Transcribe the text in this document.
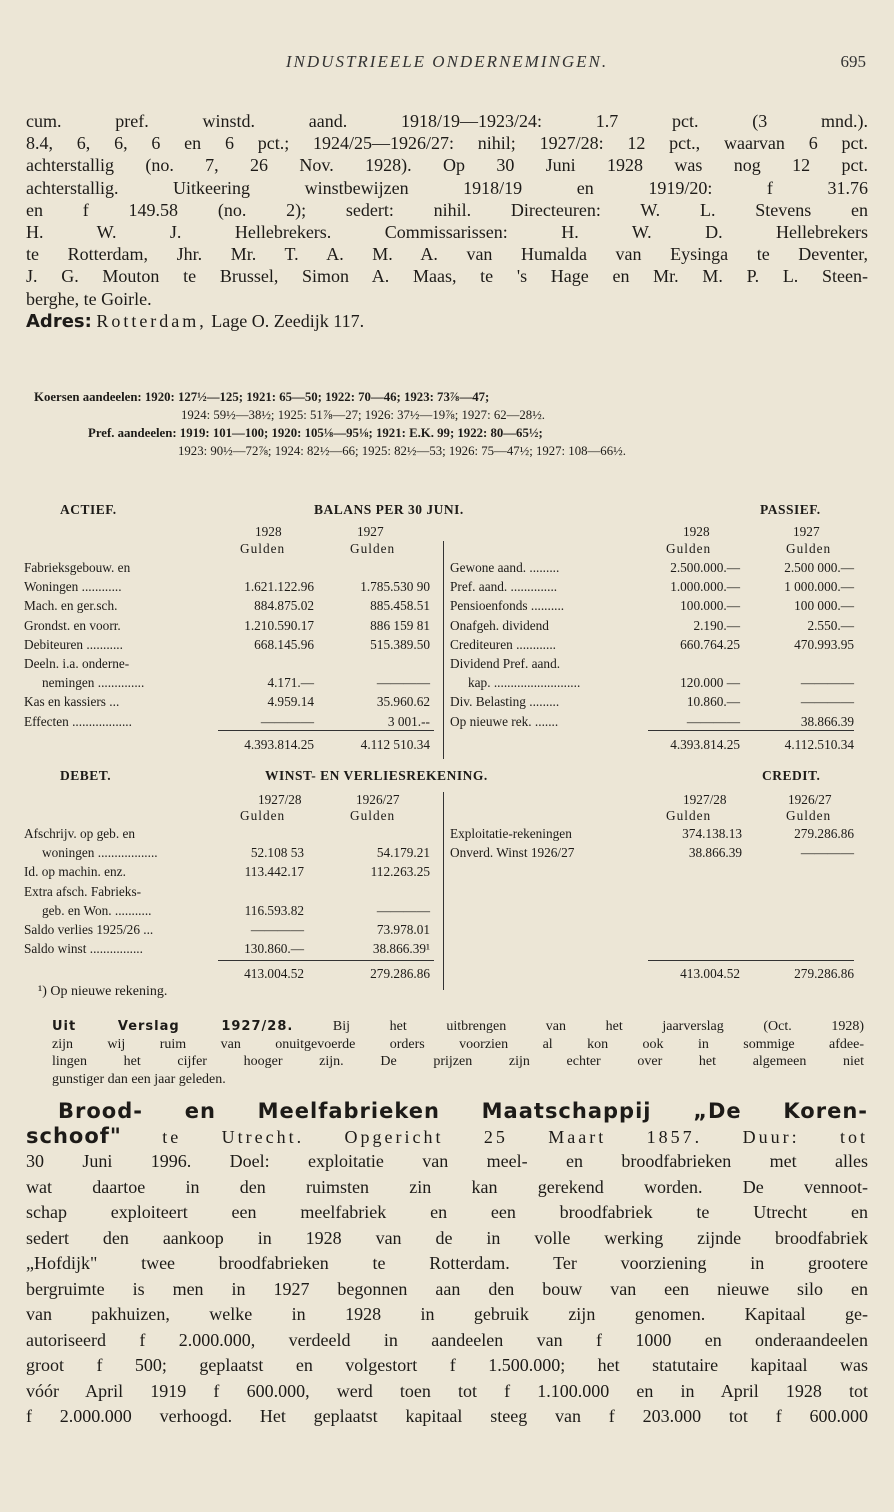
INDUSTRIEELE ONDERNEMINGEN.	695
cum. pref. winstd. aand. 1918/19—1923/24: 1.7 pct. (3 mnd.).
8.4, 6, 6, 6 en 6 pct.; 1924/25—1926/27: nihil; 1927/28: 12 pct., waarvan 6 pct.
achterstallig (no. 7, 26 Nov. 1928). Op 30 Juni 1928 was nog 12 pct.
achterstallig. Uitkeering winstbewijzen 1918/19 en 1919/20: f 31.76
en f 149.58 (no. 2); sedert: nihil. Directeuren: W. L. Stevens en
H. W. J. Hellebrekers. Commissarissen: H. W. D. Hellebrekers
te Rotterdam, Jhr. Mr. T. A. M. A. van Humalda van Eysinga te Deventer,
J. G. Mouton te Brussel, Simon A. Maas, te 's Hage en Mr. M. P. L. Steen-
berghe, te Goirle.
Adres: Rotterdam, Lage O. Zeedijk 117.
Koersen aandeelen: 1920: 127½—125; 1921: 65—50; 1922: 70—46; 1923: 73⅞—47;
1924: 59½—38½; 1925: 51⅞—27; 1926: 37½—19⅞; 1927: 62—28½.
Pref. aandeelen: 1919: 101—100; 1920: 105⅛—95⅛; 1921: E.K. 99; 1922: 80—65½;
1923: 90½—72⅞; 1924: 82½—66; 1925: 82½—53; 1926: 75—47½; 1927: 108—66½.
ACTIEF.	BALANS PER 30 JUNI.	PASSIEF.
1928	1927
Gulden	Gulden
1928	1927
Gulden	Gulden
Fabrieksgebouw. en
Woningen ............	1.621.122.96	1.785.530 90
Mach. en ger.sch.	884.875.02	885.458.51
Grondst. en voorr.	1.210.590.17	886 159 81
Debiteuren ...........	668.145.96	515.389.50
Deeln. i.a. onderne-
nemingen ..............	4.171.—	————
Kas en kassiers ...	4.959.14	35.960.62
Effecten ..................	————	3 001.--
Gewone aand. .........	2.500.000.—	2.500 000.—
Pref. aand. ..............	1.000.000.—	1 000.000.—
Pensioenfonds ..........	100.000.—	100 000.—
Onafgeh. dividend	2.190.—	2.550.—
Crediteuren ............	660.764.25	470.993.95
Dividend Pref. aand.
kap. ..........................	120.000 —	————
Div. Belasting .........	10.860.—	————
Op nieuwe rek. .......	————	38.866.39
4.393.814.25	4.112 510.34	4.393.814.25	4.112.510.34
DEBET.	WINST- EN VERLIESREKENING.	CREDIT.
1927/28	1926/27
Gulden	Gulden
1927/28	1926/27
Gulden	Gulden
Afschrijv. op geb. en
woningen ..................	52.108 53	54.179.21
Id. op machin. enz.	113.442.17	112.263.25
Extra afsch. Fabrieks-
geb. en Won. ...........	116.593.82	————
Saldo verlies 1925/26 ...	————	73.978.01
Saldo winst ................	130.860.—	38.866.39¹
Exploitatie-rekeningen	374.138.13	279.286.86
Onverd. Winst 1926/27	38.866.39	————
413.004.52	279.286.86	413.004.52	279.286.86
¹) Op nieuwe rekening.
Uit Verslag 1927/28.	Bij het uitbrengen van het jaarverslag (Oct. 1928)
zijn wij ruim van onuitgevoerde orders voorzien al kon ook in sommige afdee-
lingen het cijfer hooger zijn. De prijzen zijn echter over het algemeen niet
gunstiger dan een jaar geleden.
Brood- en Meelfabrieken Maatschappij „De Koren-
schoof" te Utrecht. Opgericht 25 Maart 1857. Duur: tot
30 Juni 1996. Doel: exploitatie van meel- en broodfabrieken met alles
wat daartoe in den ruimsten zin kan gerekend worden. De vennoot-
schap exploiteert een meelfabriek en een broodfabriek te Utrecht en
sedert den aankoop in 1928 van de in volle werking zijnde broodfabriek
„Hofdijk" twee broodfabrieken te Rotterdam. Ter voorziening in grootere
bergruimte is men in 1927 begonnen aan den bouw van een nieuwe silo en
van pakhuizen, welke in 1928 in gebruik zijn genomen. Kapitaal ge-
autoriseerd f 2.000.000, verdeeld in aandeelen van f 1000 en onderaandeelen
groot f 500; geplaatst en volgestort f 1.500.000; het statutaire kapitaal was
vóór April 1919 f 600.000, werd toen tot f 1.100.000 en in April 1928 tot
f 2.000.000 verhoogd. Het geplaatst kapitaal steeg van f 203.000 tot f 600.000
